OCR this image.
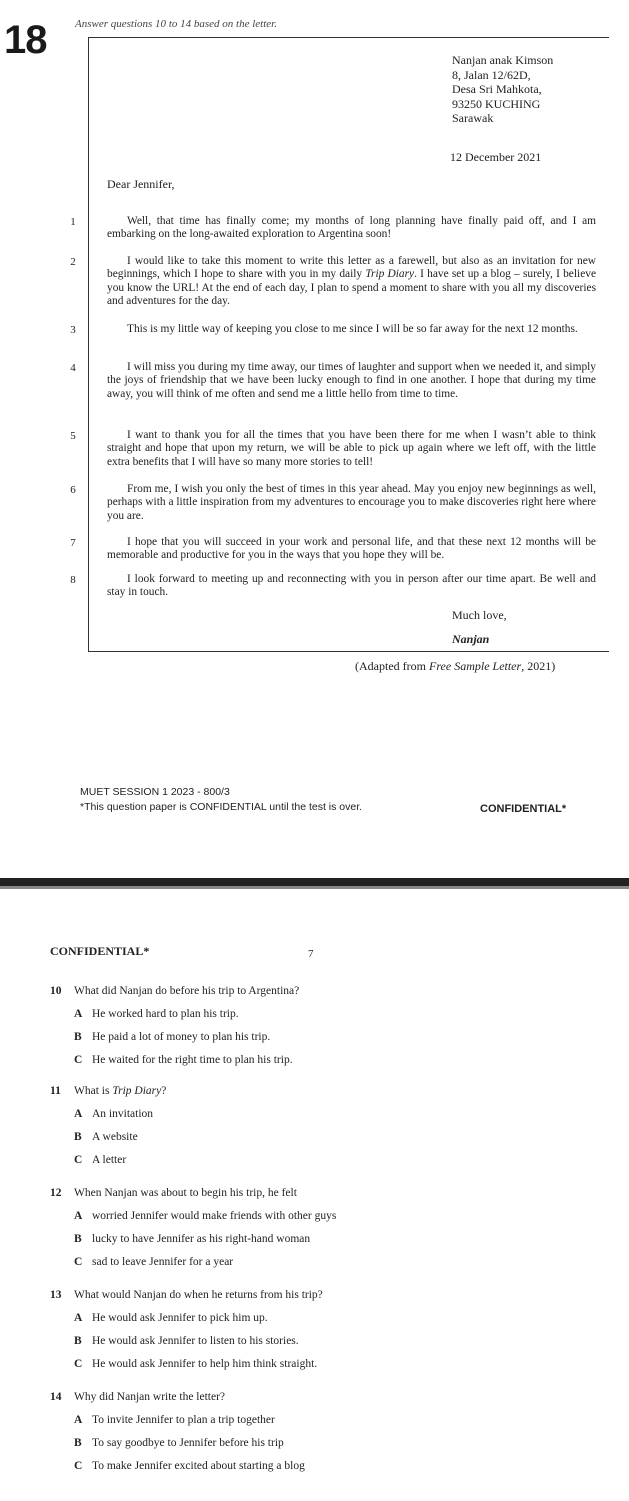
18	Answer questions 10 to 14 based on the letter.
Nanjan anak Kimson
8, Jalan 12/62D,
Desa Sri Mahkota,
93250 KUCHING
Sarawak
12 December 2021
Dear Jennifer,
1
2
3
4
5
6
7
8
Well, that time has finally come; my months of long planning have finally paid off, and I am embarking on the long-awaited exploration to Argentina soon!
I would like to take this moment to write this letter as a farewell, but also as an invitation for new beginnings, which I hope to share with you in my daily Trip Diary. I have set up a blog – surely, I believe you know the URL! At the end of each day, I plan to spend a moment to share with you all my discoveries and adventures for the day.
This is my little way of keeping you close to me since I will be so far away for the next 12 months.
I will miss you during my time away, our times of laughter and support when we needed it, and simply the joys of friendship that we have been lucky enough to find in one another. I hope that during my time away, you will think of me often and send me a little hello from time to time.
I want to thank you for all the times that you have been there for me when I wasn’t able to think straight and hope that upon my return, we will be able to pick up again where we left off, with the little extra benefits that I will have so many more stories to tell!
From me, I wish you only the best of times in this year ahead. May you enjoy new beginnings as well, perhaps with a little inspiration from my adventures to encourage you to make discoveries right here where you are.
I hope that you will succeed in your work and personal life, and that these next 12 months will be memorable and productive for you in the ways that you hope they will be.
I look forward to meeting up and reconnecting with you in person after our time apart. Be well and stay in touch.
Much love,
Nanjan
(Adapted from Free Sample Letter, 2021)
MUET SESSION 1 2023 - 800/3
*This question paper is CONFIDENTIAL until the test is over.	CONFIDENTIAL*
CONFIDENTIAL*	7
10 What did Nanjan do before his trip to Argentina?
A He worked hard to plan his trip.
B He paid a lot of money to plan his trip.
C He waited for the right time to plan his trip.
11 What is Trip Diary?
A An invitation
B A website
C A letter
12 When Nanjan was about to begin his trip, he felt
A worried Jennifer would make friends with other guys
B lucky to have Jennifer as his right-hand woman
C sad to leave Jennifer for a year
13 What would Nanjan do when he returns from his trip?
A He would ask Jennifer to pick him up.
B He would ask Jennifer to listen to his stories.
C He would ask Jennifer to help him think straight.
14 Why did Nanjan write the letter?
A To invite Jennifer to plan a trip together
B To say goodbye to Jennifer before his trip
C To make Jennifer excited about starting a blog
